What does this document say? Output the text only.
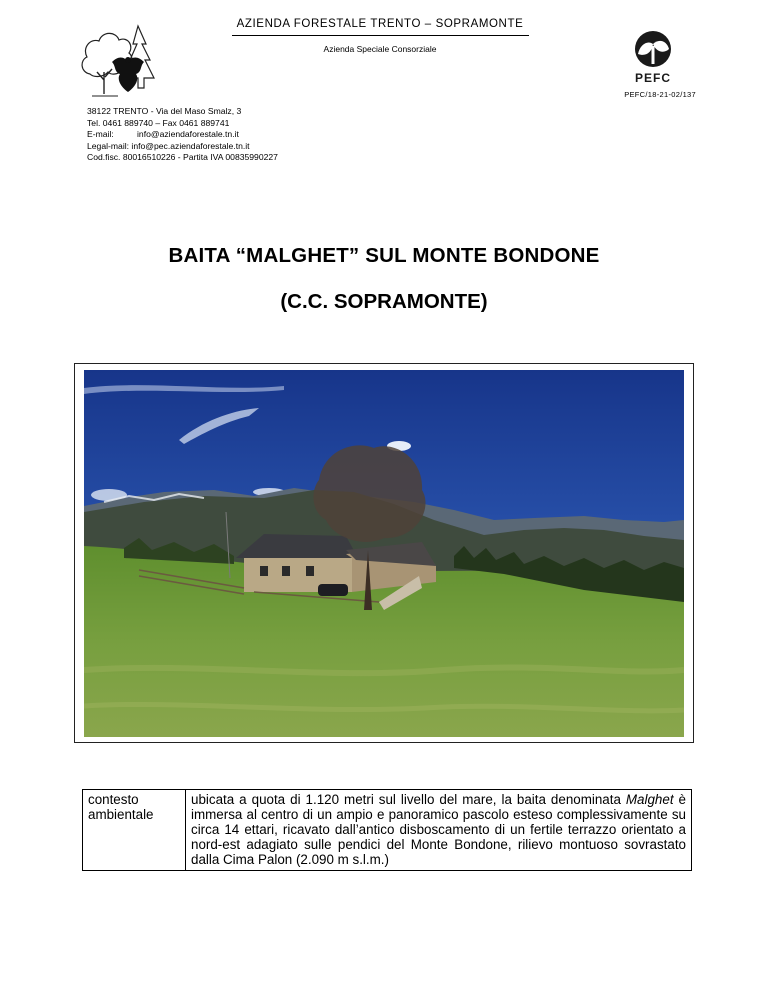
AZIENDA FORESTALE TRENTO – SOPRAMONTE
Azienda Speciale Consorziale
PEFC
PEFC/18-21-02/137
38122 TRENTO - Via del Maso Smalz, 3
Tel. 0461 889740 – Fax 0461 889741
E-mail:	info@aziendaforestale.tn.it
Legal-mail: info@pec.aziendaforestale.tn.it
Cod.fisc. 80016510226 - Partita IVA 00835990227
BAITA “MALGHET” SUL MONTE BONDONE
(C.C. SOPRAMONTE)
contesto ambientale	ubicata a quota di 1.120 metri sul livello del mare, la baita denominata Malghet è immersa al centro di un ampio e panoramico pascolo esteso complessivamente su circa 14 ettari, ricavato dall’antico disboscamento di un fertile terrazzo orientato a nord-est adagiato sulle pendici del Monte Bondone, rilievo montuoso sovrastato dalla Cima Palon (2.090 m s.l.m.)
